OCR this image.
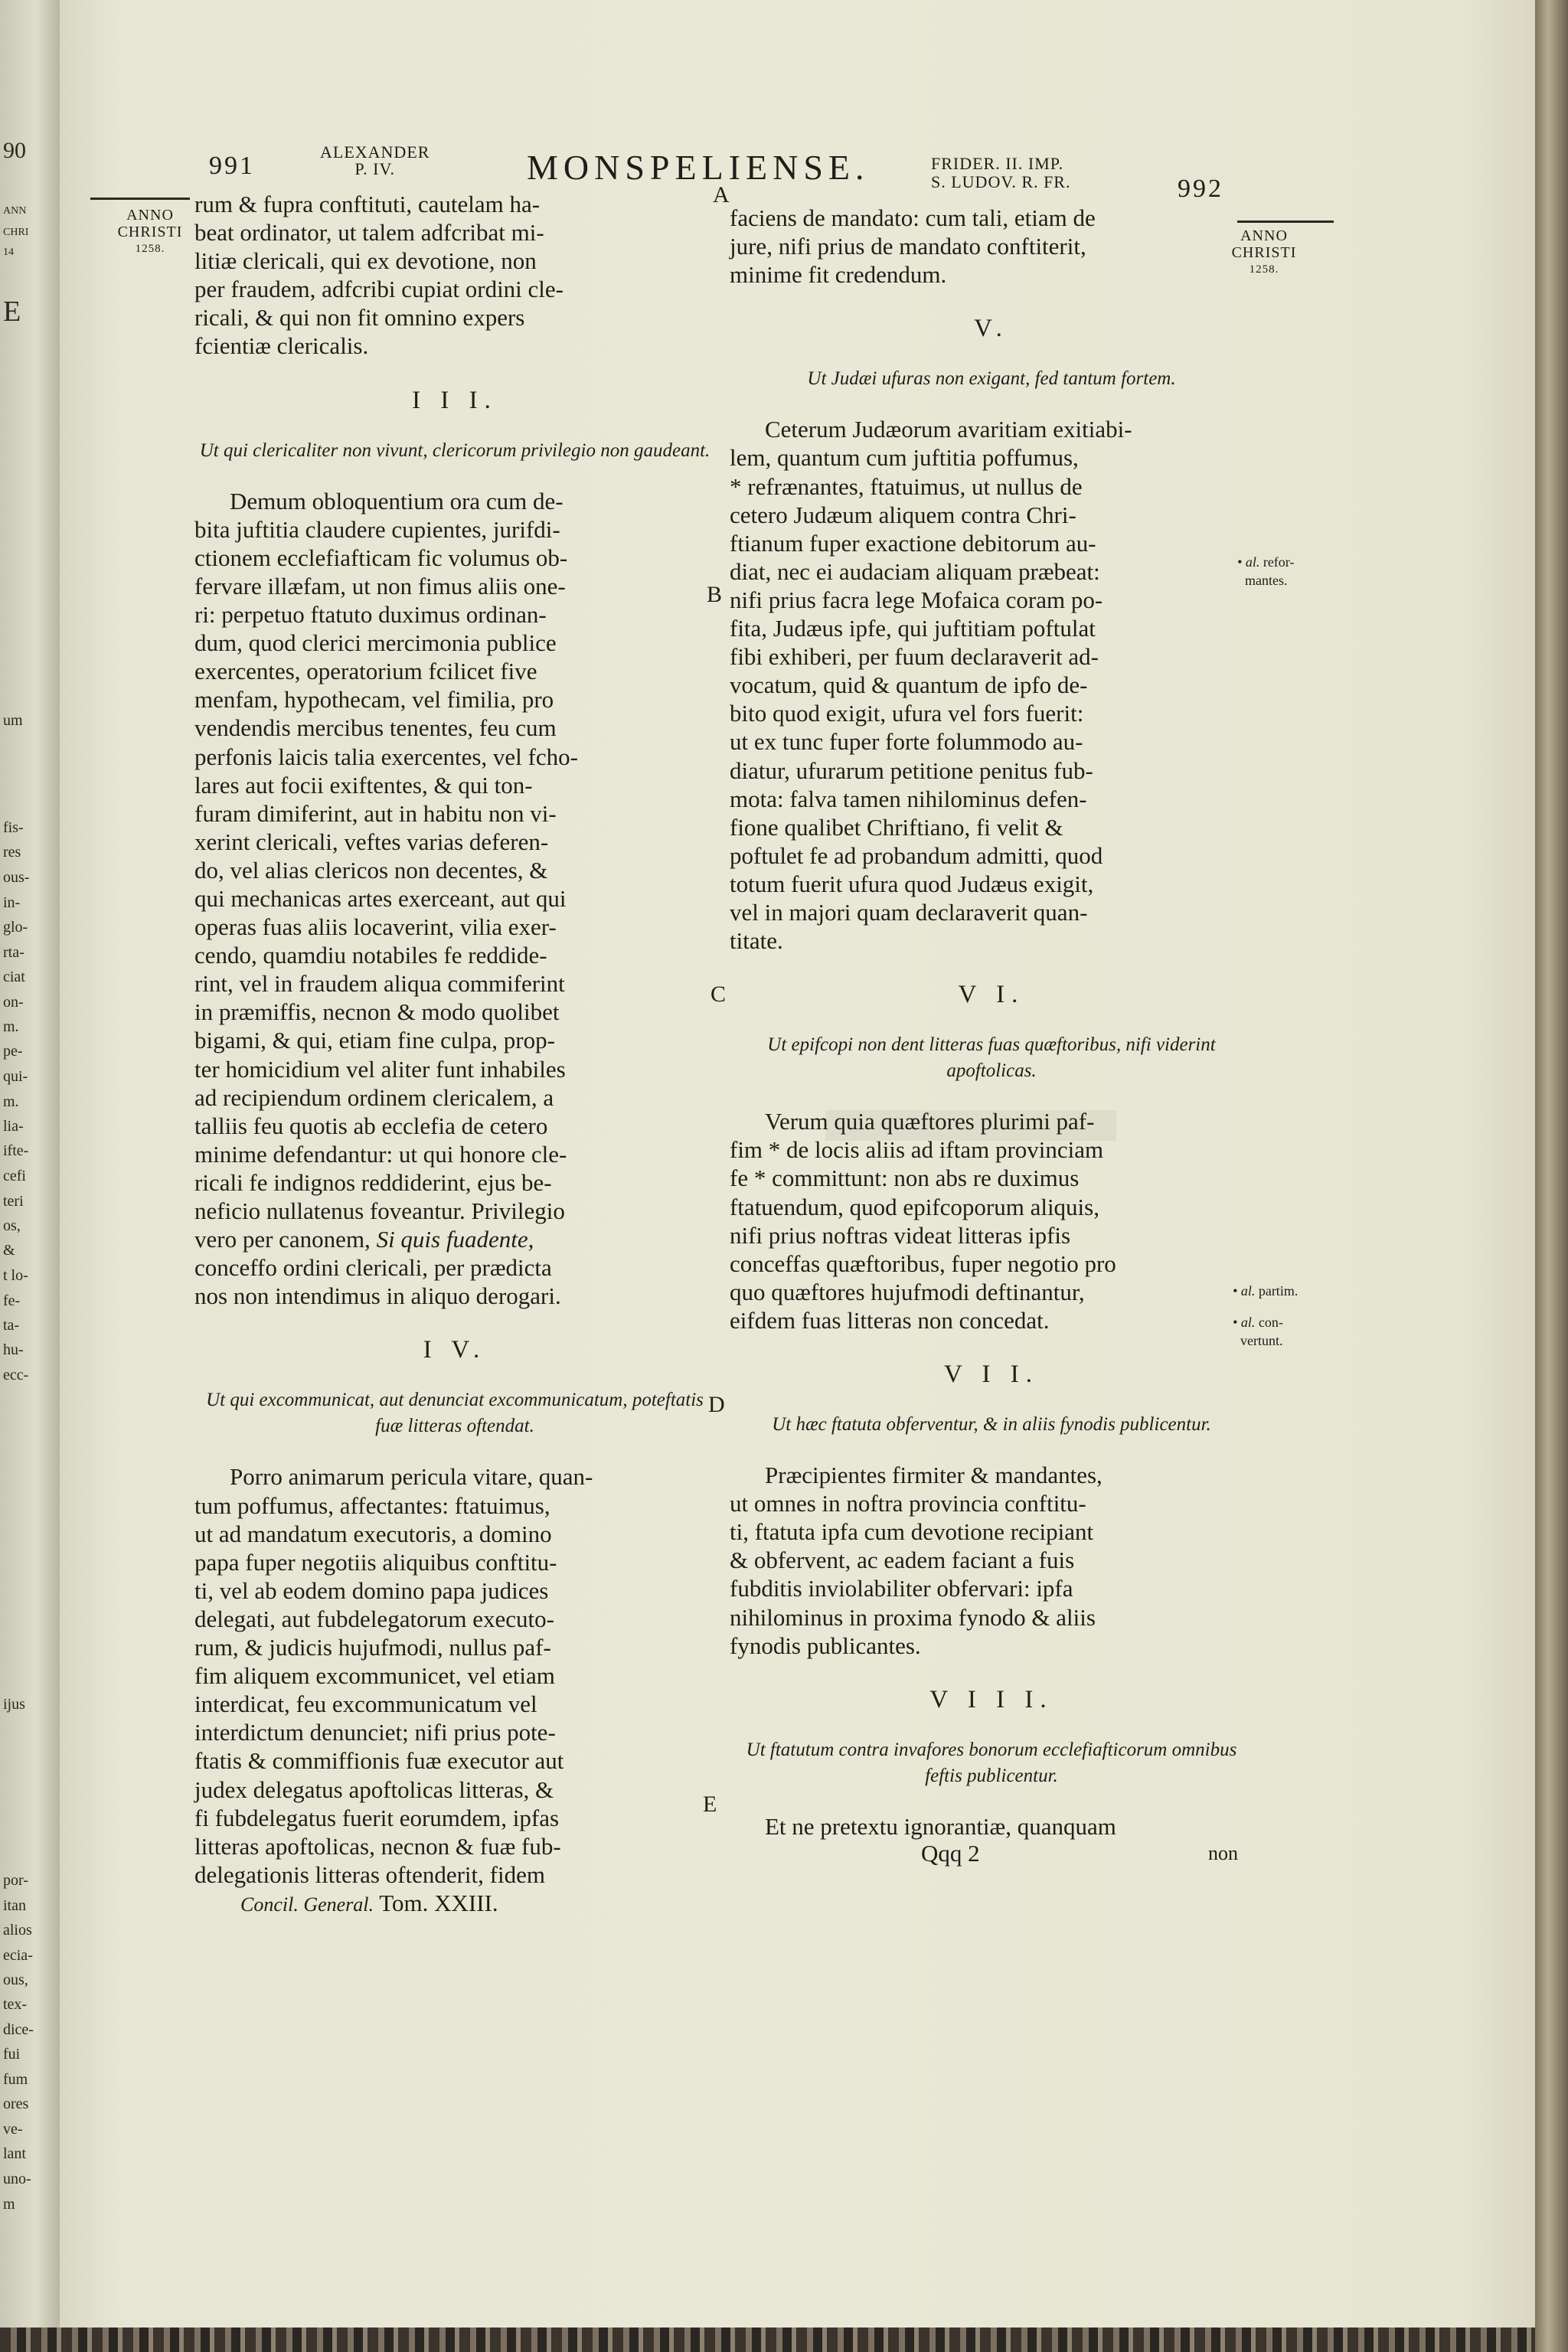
90
ANN
CHRI
14
E
um
fis-
res
ous-
in-
glo-
rta-
ciat
on-
m.
pe-
qui-
m.
lia-
ifte-
cefi
teri
os,
&
t lo-
fe-
ta-
hu-
ecc-
ijus
por-
itan
alios
ecia-
ous,
tex-
dice-
fui
fum
ores
ve-
lant
uno-
m
991	ALEXANDER
P. IV.	MONSPELIENSE.	FRIDER. II. IMP.
S. LUDOV. R. FR.	992
ANNO
CHRISTI
1258.
ANNO
CHRISTI
1258.
A
B
C
D
E
• al. refor-
mantes.
• al. partim.
• al. con-
vertunt.

rum & fupra conftituti, cautelam ha-

beat ordinator, ut talem adfcribat mi-

litiæ clericali, qui ex devotione, non

per fraudem, adfcribi cupiat ordini cle-

ricali, & qui non fit omnino expers

fcientiæ clericalis.

I I I.
Ut qui clericaliter non vivunt, clericorum privilegio non gaudeant.

Demum obloquentium ora cum de-

bita juftitia claudere cupientes, jurifdi-

ctionem ecclefiafticam fic volumus ob-

fervare illæfam, ut non fimus aliis one-

ri: perpetuo ftatuto duximus ordinan-

dum, quod clerici mercimonia publice

exercentes, operatorium fcilicet five

menfam, hypothecam, vel fimilia, pro

vendendis mercibus tenentes, feu cum

perfonis laicis talia exercentes, vel fcho-

lares aut focii exiftentes, & qui ton-

furam dimiferint, aut in habitu non vi-

xerint clericali, veftes varias deferen-

do, vel alias clericos non decentes, &

qui mechanicas artes exerceant, aut qui

operas fuas aliis locaverint, vilia exer-

cendo, quamdiu notabiles fe reddide-

rint, vel in fraudem aliqua commiferint

in præmiffis, necnon & modo quolibet

bigami, & qui, etiam fine culpa, prop-

ter homicidium vel aliter funt inhabiles

ad recipiendum ordinem clericalem, a

talliis feu quotis ab ecclefia de cetero

minime defendantur: ut qui honore cle-

ricali fe indignos reddiderint, ejus be-

neficio nullatenus foveantur. Privilegio

vero per canonem, Si quis fuadente,

conceffo ordini clericali, per prædicta

nos non intendimus in aliquo derogari.

I V.
Ut qui excommunicat, aut denunciat excommunicatum, poteftatis fuæ litteras oftendat.

Porro animarum pericula vitare, quan-

tum poffumus, affectantes: ftatuimus,

ut ad mandatum executoris, a domino

papa fuper negotiis aliquibus conftitu-

ti, vel ab eodem domino papa judices

delegati, aut fubdelegatorum executo-

rum, & judicis hujufmodi, nullus paf-

fim aliquem excommunicet, vel etiam

interdicat, feu excommunicatum vel

interdictum denunciet; nifi prius pote-

ftatis & commiffionis fuæ executor aut

judex delegatus apoftolicas litteras, &

fi fubdelegatus fuerit eorumdem, ipfas

litteras apoftolicas, necnon & fuæ fub-

delegationis litteras oftenderit, fidem

Concil. General. Tom. XXIII.

faciens de mandato: cum tali, etiam de

jure, nifi prius de mandato conftiterit,

minime fit credendum.

V.
Ut Judæi ufuras non exigant, fed tantum fortem.

Ceterum Judæorum avaritiam exitiabi-

lem, quantum cum juftitia poffumus,

* refrænantes, ftatuimus, ut nullus de

cetero Judæum aliquem contra Chri-

ftianum fuper exactione debitorum au-

diat, nec ei audaciam aliquam præbeat:

nifi prius facra lege Mofaica coram po-

fita, Judæus ipfe, qui juftitiam poftulat

fibi exhiberi, per fuum declaraverit ad-

vocatum, quid & quantum de ipfo de-

bito quod exigit, ufura vel fors fuerit:

ut ex tunc fuper forte folummodo au-

diatur, ufurarum petitione penitus fub-

mota: falva tamen nihilominus defen-

fione qualibet Chriftiano, fi velit &

poftulet fe ad probandum admitti, quod

totum fuerit ufura quod Judæus exigit,

vel in majori quam declaraverit quan-

titate.

V I.
Ut epifcopi non dent litteras fuas quæftoribus, nifi viderint apoftolicas.

Verum quia quæftores plurimi paf-

fim * de locis aliis ad iftam provinciam

fe * committunt: non abs re duximus

ftatuendum, quod epifcoporum aliquis,

nifi prius noftras videat litteras ipfis

conceffas quæftoribus, fuper negotio pro

quo quæftores hujufmodi deftinantur,

eifdem fuas litteras non concedat.

V I I.
Ut hæc ftatuta obferventur, & in aliis fynodis publicentur.

Præcipientes firmiter & mandantes,

ut omnes in noftra provincia conftitu-

ti, ftatuta ipfa cum devotione recipiant

& obfervent, ac eadem faciant a fuis

fubditis inviolabiliter obfervari: ipfa

nihilominus in proxima fynodo & aliis

fynodis publicantes.

V I I I.
Ut ftatutum contra invafores bonorum ecclefiafticorum omnibus feftis publicentur.

Et ne pretextu ignorantiæ, quanquam

Qqq 2	non
